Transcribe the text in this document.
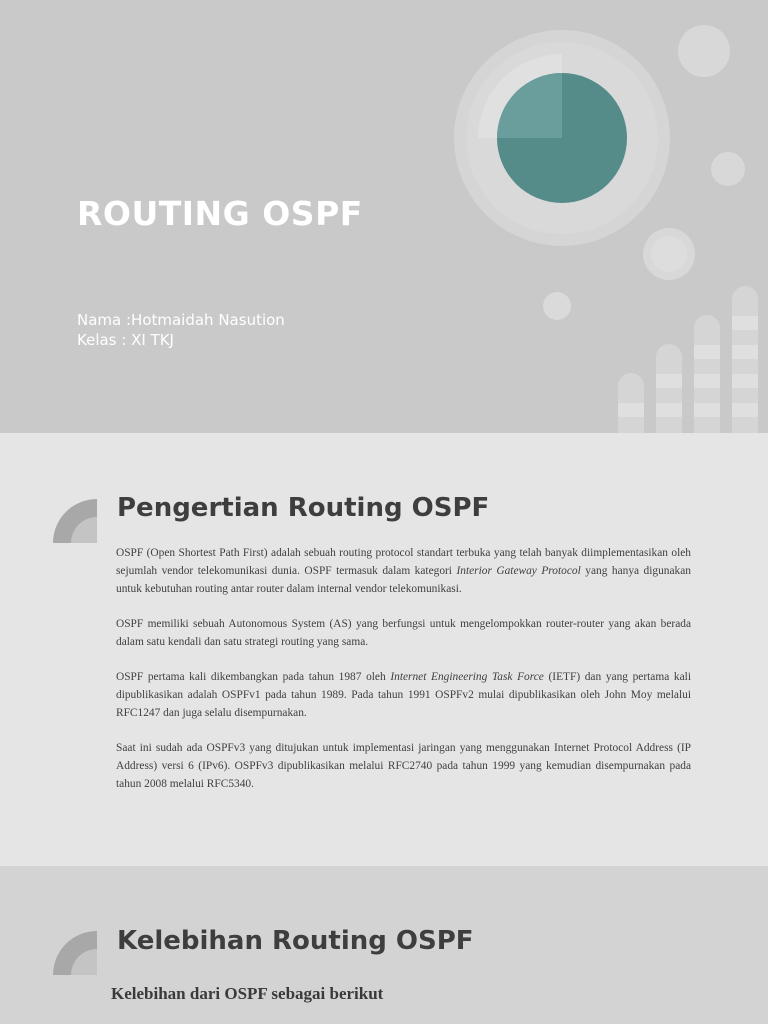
ROUTING OSPF

Nama :Hotmaidah Nasution

Kelas : XI TKJ

Pengertian Routing OSPF

OSPF (Open Shortest Path First) adalah sebuah routing protocol standart terbuka yang telah banyak diimplementasikan oleh sejumlah vendor telekomunikasi dunia. OSPF termasuk dalam kategori Interior Gateway Protocol yang hanya digunakan untuk kebutuhan routing antar router dalam internal vendor telekomunikasi.

OSPF memiliki sebuah Autonomous System (AS) yang berfungsi untuk mengelompokkan router-router yang akan berada dalam satu kendali dan satu strategi routing yang sama.

OSPF pertama kali dikembangkan pada tahun 1987 oleh Internet Engineering Task Force (IETF) dan yang pertama kali dipublikasikan adalah OSPFv1 pada tahun 1989. Pada tahun 1991 OSPFv2 mulai dipublikasikan oleh John Moy melalui RFC1247 dan juga selalu disempurnakan.

Saat ini sudah ada OSPFv3 yang ditujukan untuk implementasi jaringan yang menggunakan Internet Protocol Address (IP Address) versi 6 (IPv6). OSPFv3 dipublikasikan melalui RFC2740 pada tahun 1999 yang kemudian disempurnakan pada tahun 2008 melalui RFC5340.

Kelebihan Routing OSPF

Kelebihan dari OSPF sebagai berikut
